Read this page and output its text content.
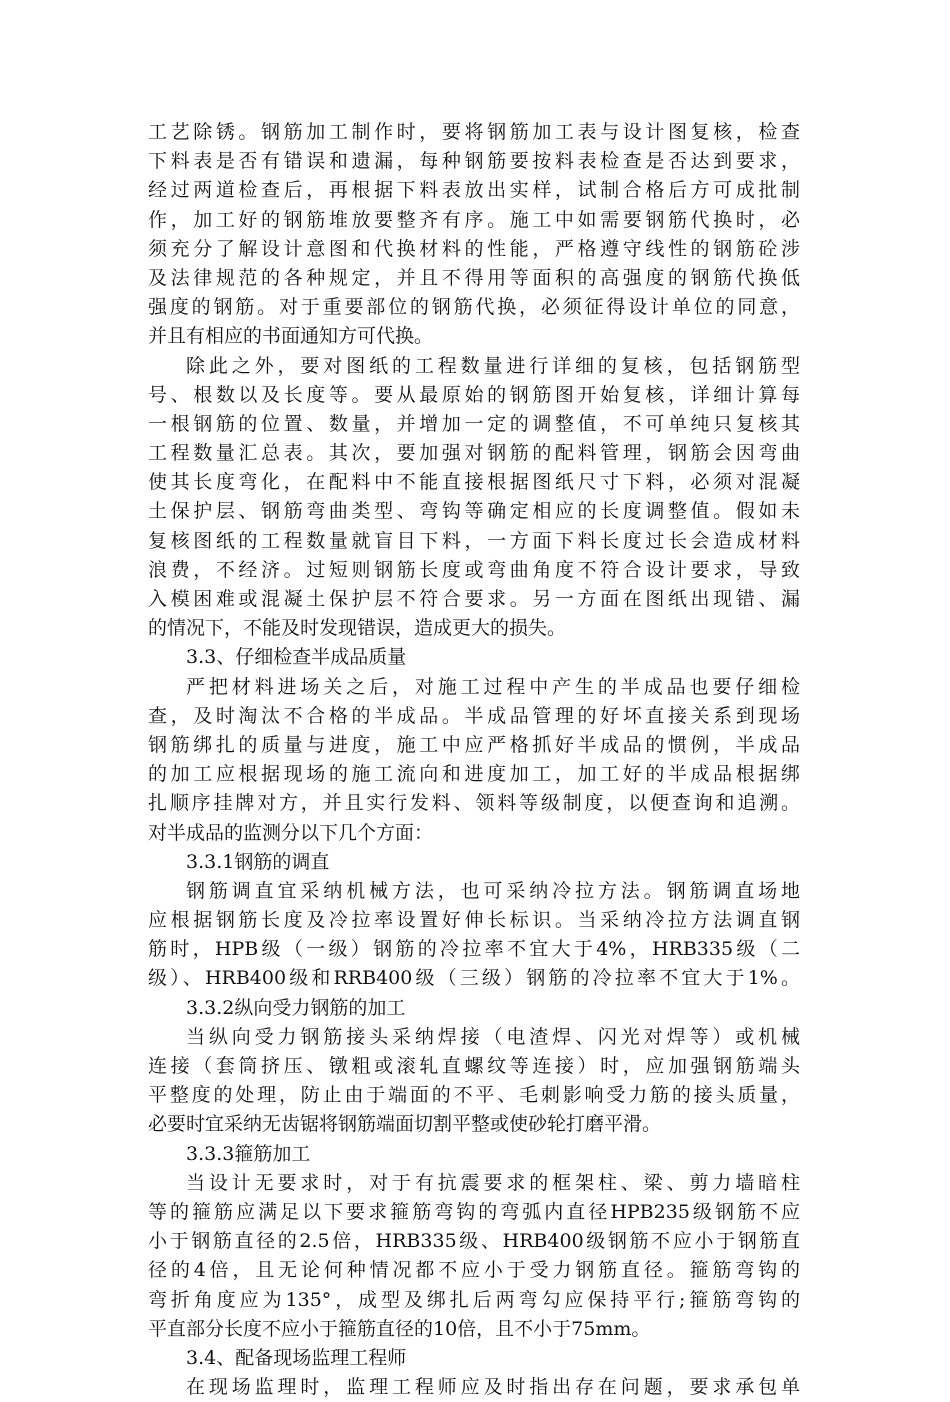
工艺除锈。钢筋加工制作时，要将钢筋加工表与设计图复核，检查
下料表是否有错误和遗漏，每种钢筋要按料表检查是否达到要求，
经过两道检查后，再根据下料表放出实样，试制合格后方可成批制
作，加工好的钢筋堆放要整齐有序。施工中如需要钢筋代换时，必
须充分了解设计意图和代换材料的性能，严格遵守线性的钢筋砼涉
及法律规范的各种规定，并且不得用等面积的高强度的钢筋代换低
强度的钢筋。对于重要部位的钢筋代换，必须征得设计单位的同意，
并且有相应的书面通知方可代换。
除此之外，要对图纸的工程数量进行详细的复核，包括钢筋型
号、根数以及长度等。要从最原始的钢筋图开始复核，详细计算每
一根钢筋的位置、数量，并增加一定的调整值，不可单纯只复核其
工程数量汇总表。其次，要加强对钢筋的配料管理，钢筋会因弯曲
使其长度弯化，在配料中不能直接根据图纸尺寸下料，必须对混凝
土保护层、钢筋弯曲类型、弯钩等确定相应的长度调整值。假如未
复核图纸的工程数量就盲目下料，一方面下料长度过长会造成材料
浪费，不经济。过短则钢筋长度或弯曲角度不符合设计要求，导致
入模困难或混凝土保护层不符合要求。另一方面在图纸出现错、漏
的情况下，不能及时发现错误，造成更大的损失。
3.3、仔细检查半成品质量
严把材料进场关之后，对施工过程中产生的半成品也要仔细检
查，及时淘汰不合格的半成品。半成品管理的好坏直接关系到现场
钢筋绑扎的质量与进度，施工中应严格抓好半成品的惯例，半成品
的加工应根据现场的施工流向和进度加工，加工好的半成品根据绑
扎顺序挂牌对方，并且实行发料、领料等级制度，以便查询和追溯。
对半成品的监测分以下几个方面：
3.3.1钢筋的调直
钢筋调直宜采纳机械方法，也可采纳冷拉方法。钢筋调直场地
应根据钢筋长度及冷拉率设置好伸长标识。当采纳冷拉方法调直钢
筋时，HPB级（一级）钢筋的冷拉率不宜大于4%，HRB335级（二
级）、HRB400级和RRB400级（三级）钢筋的冷拉率不宜大于1%。
3.3.2纵向受力钢筋的加工
当纵向受力钢筋接头采纳焊接（电渣焊、闪光对焊等）或机械
连接（套筒挤压、镦粗或滚轧直螺纹等连接）时，应加强钢筋端头
平整度的处理，防止由于端面的不平、毛刺影响受力筋的接头质量，
必要时宜采纳无齿锯将钢筋端面切割平整或使砂轮打磨平滑。
3.3.3箍筋加工
当设计无要求时，对于有抗震要求的框架柱、梁、剪力墙暗柱
等的箍筋应满足以下要求箍筋弯钩的弯弧内直径HPB235级钢筋不应
小于钢筋直径的2.5倍，HRB335级、HRB400级钢筋不应小于钢筋直
径的4倍，且无论何种情况都不应小于受力钢筋直径。箍筋弯钩的
弯折角度应为135°，成型及绑扎后两弯勾应保持平行;箍筋弯钩的
平直部分长度不应小于箍筋直径的10倍，且不小于75mm。
3.4、配备现场监理工程师
在现场监理时，监理工程师应及时指出存在问题，要求承包单
